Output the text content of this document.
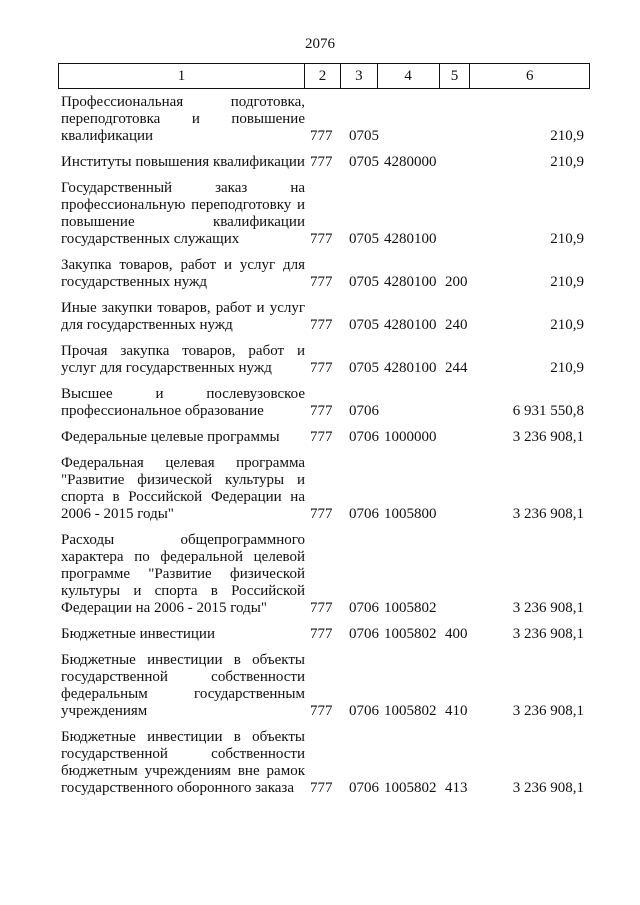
2076
1	2	3	4	5	6
Профессиональная подготовка, переподготовка и повышение квалификации	777 0705	210,9
Институты повышения квалификации 777 0705 4280000	210,9
Государственный заказ на профессиональную переподготовку и повышение квалификации государственных служащих	777 0705 4280100	210,9
Закупка товаров, работ и услуг для государственных нужд	777 0705 4280100 200	210,9
Иные закупки товаров, работ и услуг для государственных нужд	777 0705 4280100 240	210,9
Прочая закупка товаров, работ и услуг для государственных нужд	777 0705 4280100 244	210,9
Высшее и послевузовское профессиональное образование	777 0706	6 931 550,8
Федеральные целевые программы	777 0706 1000000	3 236 908,1
Федеральная целевая программа "Развитие физической культуры и спорта в Российской Федерации на 2006 - 2015 годы"	777 0706 1005800	3 236 908,1
Расходы общепрограммного характера по федеральной целевой программе "Развитие физической культуры и спорта в Российской Федерации на 2006 - 2015 годы"	777 0706 1005802	3 236 908,1
Бюджетные инвестиции	777 0706 1005802 400	3 236 908,1
Бюджетные инвестиции в объекты государственной собственности федеральным государственным учреждениям	777 0706 1005802 410	3 236 908,1
Бюджетные инвестиции в объекты государственной собственности бюджетным учреждениям вне рамок государственного оборонного заказа	777 0706 1005802 413	3 236 908,1
